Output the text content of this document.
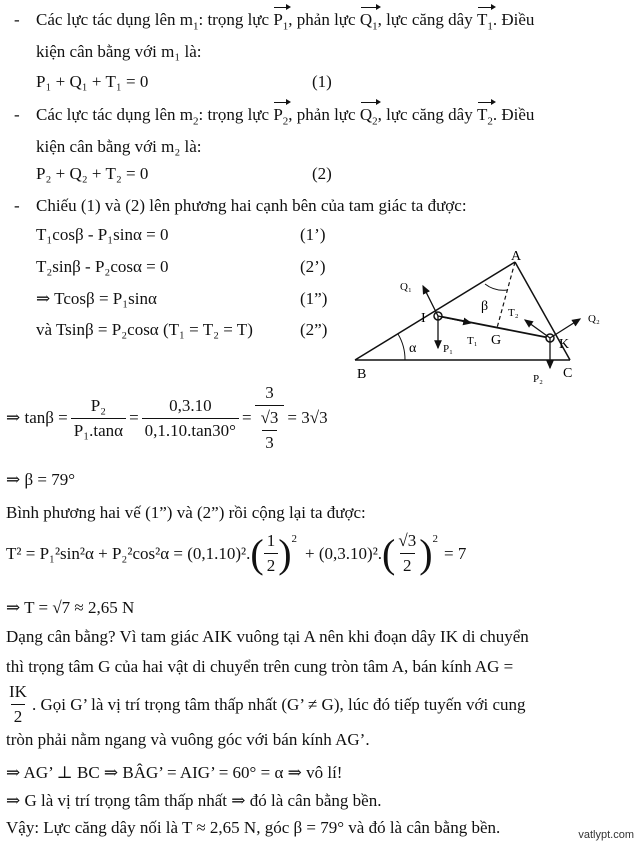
- Các lực tác dụng lên $m_1$: trọng lực $P_1$, phản lực $Q_1$, lực căng dây $T_1$. Điều
kiện cân bằng với m₁ là:
P₁ + Q₁ + T₁ = 0	(1)
- Các lực tác dụng lên $m_2$: trọng lực $P_2$, phản lực $Q_2$, lực căng dây $T_2$. Điều
kiện cân bằng với m₂ là:
P₂ + Q₂ + T₂ = 0	(2)
- Chiếu (1) và (2) lên phương hai cạnh bên của tam giác ta được:
T₁cosβ - P₁sinα = 0	(1’)
T₂sinβ - P₂cosα = 0	(2’)
⇒ Tcosβ = P₁sinα	(1”)
và Tsinβ = P₂cosα (T₁ = T₂ = T)	(2”)
A
B	C
I
K
G
α
β
Q₁
P₁
T₁
T₂	Q₂
P₂
⇒ $\tan\beta = \frac{\text{P₂}}{\text{P₁.tanα}} = \frac{0,3.10}{0,1.10.\tan 30^\circ} = \frac{3}{\frac{√3}{3}} = 3√3$
⇒ β = 79°
Bình phương hai vế (1”) và (2”) rồi cộng lại ta được:
T² = P₁²sin²α + P₂²cos²α = (0,1.10)². ( $\frac{1}{2} )^2$
+ (0,3.10)². ( $\frac{√3}{2} )^2$
= 7
⇒ T = √7 ≈ 2,65 N
Dạng cân bằng? Vì tam giác AIK vuông tại A nên khi đoạn dây IK di chuyển
thì trọng tâm G của hai vật di chuyển trên cung tròn tâm A, bán kính AG =
$\frac{IK}{2}$ . Gọi G’ là vị trí trọng tâm thấp nhất (G’ ≠ G), lúc đó tiếp tuyến với cung
tròn phải nằm ngang và vuông góc với bán kính AG’.
⇒ AG’ ⊥ BC ⇒ BÂG’ = AIG’ = 60° = α ⇒ vô lí!
⇒ G là vị trí trọng tâm thấp nhất ⇒ đó là cân bằng bền.
Vậy: Lực căng dây nối là T ≈ 2,65 N, góc β = 79° và đó là cân bằng bền.	vatlypt.com
